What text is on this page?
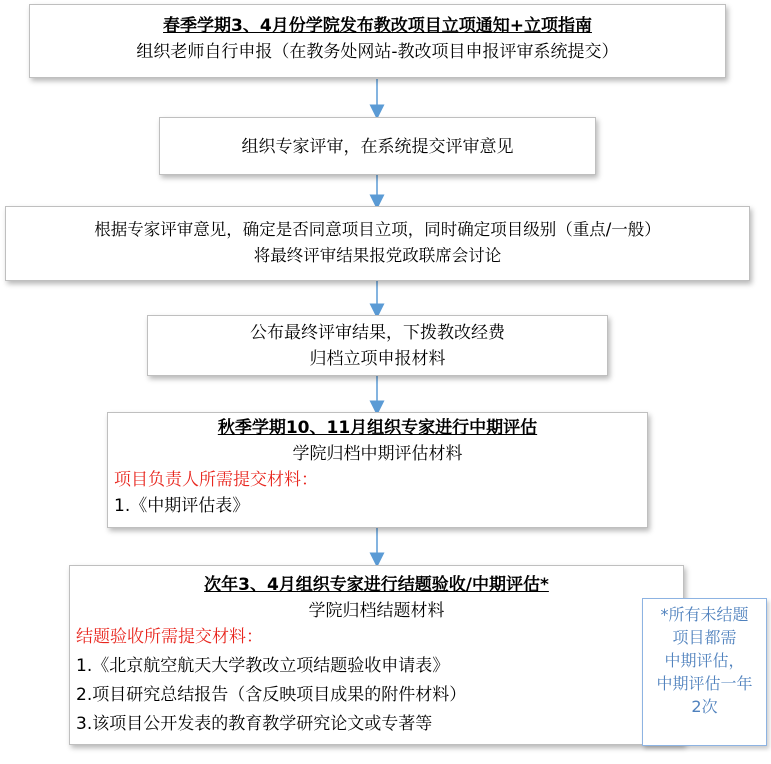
春季学期3、4月份学院发布教改项目立项通知+立项指南
组织老师自行申报（在教务处网站-教改项目申报评审系统提交）
组织专家评审，在系统提交评审意见
根据专家评审意见，确定是否同意项目立项，同时确定项目级别（重点/一般）
将最终评审结果报党政联席会讨论
公布最终评审结果，下拨教改经费
归档立项申报材料
秋季学期10、11月组织专家进行中期评估
学院归档中期评估材料
项目负责人所需提交材料：
1.《中期评估表》
次年3、4月组织专家进行结题验收/中期评估*
学院归档结题材料
结题验收所需提交材料：
1.《北京航空航天大学教改立项结题验收申请表》
2.项目研究总结报告（含反映项目成果的附件材料）
3.该项目公开发表的教育教学研究论文或专著等
*所有未结题
项目都需
中期评估，
中期评估一年
2次
